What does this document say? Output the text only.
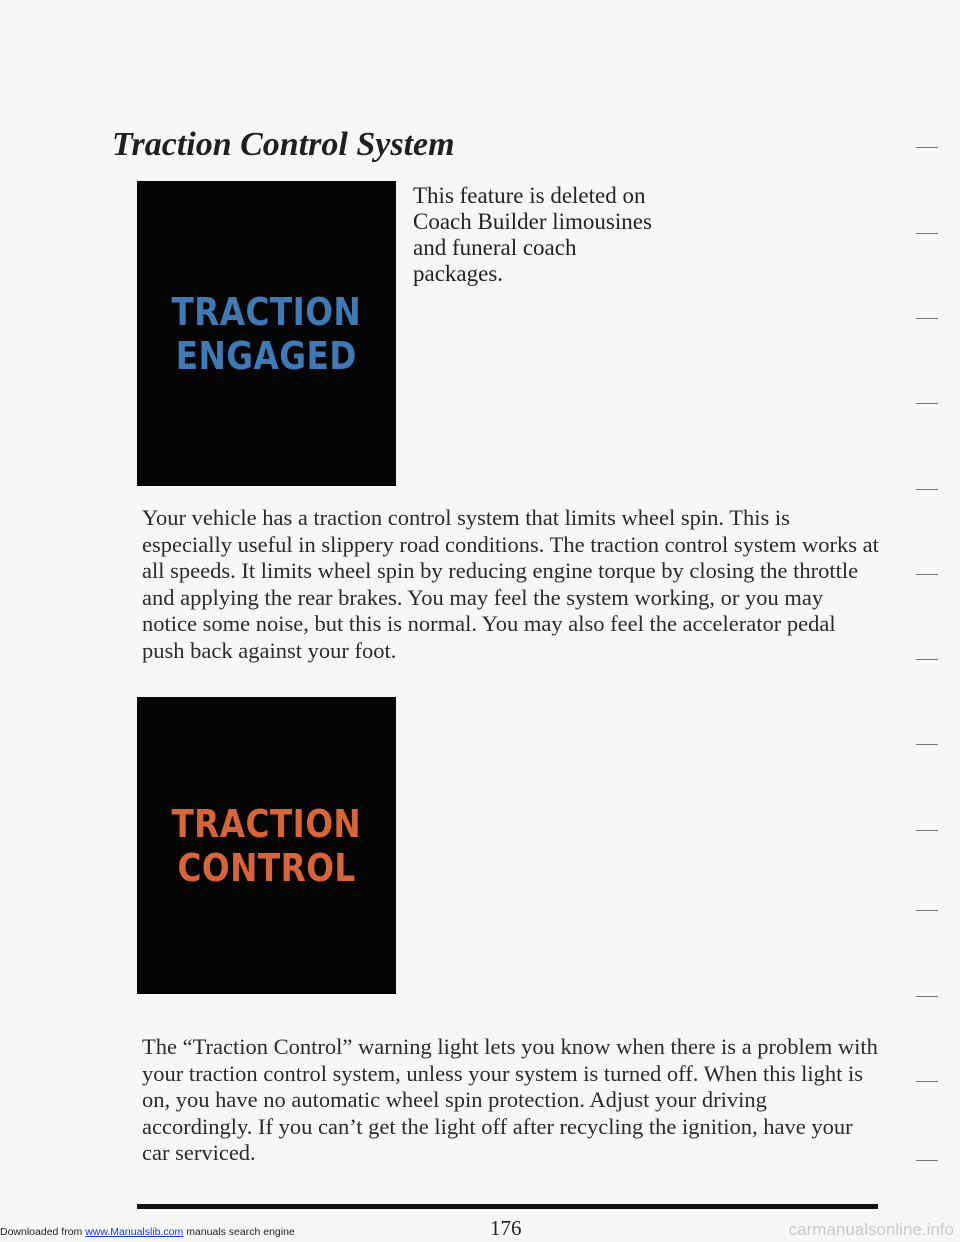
Traction Control System
TRACTION
ENGAGED
This feature is deleted on Coach Builder limousines and funeral coach packages.
Your vehicle has a traction control system that limits wheel spin. This is especially useful in slippery road conditions. The traction control system works at all speeds. It limits wheel spin by reducing engine torque by closing the throttle and applying the rear brakes. You may feel the system working, or you may notice some noise, but this is normal. You may also feel the accelerator pedal push back against your foot.
TRACTION
CONTROL
The “Traction Control” warning light lets you know when there is a problem with your traction control system, unless your system is turned off. When this light is on, you have no automatic wheel spin protection. Adjust your driving accordingly. If you can’t get the light off after recycling the ignition, have your car serviced.
176
Downloaded from www.Manualslib.com manuals search engine	carmanualsonline.info
